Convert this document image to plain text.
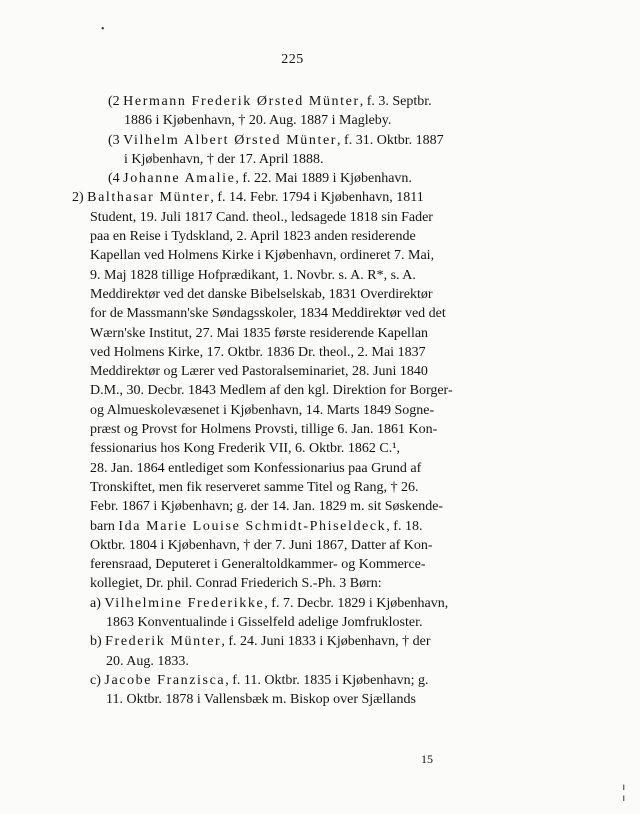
•
225
(2 Hermann Frederik Ørsted Münter, f. 3. Septbr.
1886 i Kjøbenhavn, † 20. Aug. 1887 i Magleby.
(3 Vilhelm Albert Ørsted Münter, f. 31. Oktbr. 1887
i Kjøbenhavn, † der 17. April 1888.
(4 Johanne Amalie, f. 22. Mai 1889 i Kjøbenhavn.
2) Balthasar Münter, f. 14. Febr. 1794 i Kjøbenhavn, 1811
Student, 19. Juli 1817 Cand. theol., ledsagede 1818 sin Fader
paa en Reise i Tydskland, 2. April 1823 anden residerende
Kapellan ved Holmens Kirke i Kjøbenhavn, ordineret 7. Mai,
9. Maj 1828 tillige Hofprædikant, 1. Novbr. s. A. R*, s. A.
Meddirektør ved det danske Bibelselskab, 1831 Overdirektør
for de Massmann'ske Søndagsskoler, 1834 Meddirektør ved det
Wærn'ske Institut, 27. Mai 1835 første residerende Kapellan
ved Holmens Kirke, 17. Oktbr. 1836 Dr. theol., 2. Mai 1837
Meddirektør og Lærer ved Pastoralseminariet, 28. Juni 1840
D.M., 30. Decbr. 1843 Medlem af den kgl. Direktion for Borger-
og Almueskolevæsenet i Kjøbenhavn, 14. Marts 1849 Sogne-
præst og Provst for Holmens Provsti, tillige 6. Jan. 1861 Kon-
fessionarius hos Kong Frederik VII, 6. Oktbr. 1862 C.¹,
28. Jan. 1864 entlediget som Konfessionarius paa Grund af
Tronskiftet, men fik reserveret samme Titel og Rang, † 26.
Febr. 1867 i Kjøbenhavn; g. der 14. Jan. 1829 m. sit Søskende-
barn Ida Marie Louise Schmidt-Phiseldeck, f. 18.
Oktbr. 1804 i Kjøbenhavn, † der 7. Juni 1867, Datter af Kon-
ferensraad, Deputeret i Generaltoldkammer- og Kommerce-
kollegiet, Dr. phil. Conrad Friederich S.-Ph. 3 Børn:
a) Vilhelmine Frederikke, f. 7. Decbr. 1829 i Kjøbenhavn,
1863 Konventualinde i Gisselfeld adelige Jomfrukloster.
b) Frederik Münter, f. 24. Juni 1833 i Kjøbenhavn, † der
20. Aug. 1833.
c) Jacobe Franzisca, f. 11. Oktbr. 1835 i Kjøbenhavn; g.
11. Oktbr. 1878 i Vallensbæk m. Biskop over Sjællands
15
¦
